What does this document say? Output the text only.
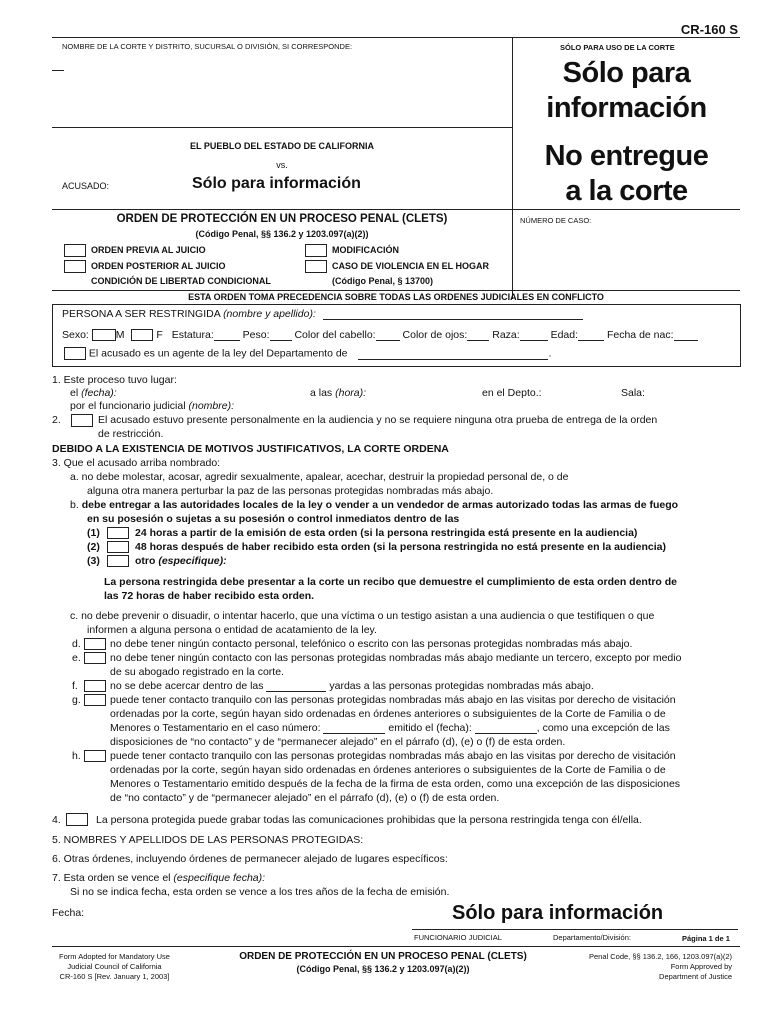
CR-160 S
NOMBRE DE LA CORTE Y DISTRITO, SUCURSAL O DIVISIÓN, SI CORRESPONDE:	SÓLO PARA USO DE LA CORTE
Sólo para
información
No entregue
a la corte
EL PUEBLO DEL ESTADO DE CALIFORNIA
vs.
ACUSADO:	Sólo para información
NÚMERO DE CASO:
ORDEN DE PROTECCIÓN EN UN PROCESO PENAL (CLETS)
(Código Penal, §§ 136.2 y 1203.097(a)(2))
ORDEN PREVIA AL JUICIO
ORDEN POSTERIOR AL JUICIO
CONDICIÓN DE LIBERTAD CONDICIONAL
MODIFICACIÓN
CASO DE VIOLENCIA EN EL HOGAR
(Código Penal, § 13700)
ESTA ORDEN TOMA PRECEDENCIA SOBRE TODAS LAS ORDENES JUDICIALES EN CONFLICTO
PERSONA A SER RESTRINGIDA (nombre y apellido):
Sexo:	M	F Estatura:	Peso: Color del cabello:	Color de ojos: Raza:	Edad:	Fecha de nac:
El acusado es un agente de la ley del Departamento de	.
1. Este proceso tuvo lugar:
el (fecha):	a las (hora):	en el Depto.:	Sala:
por el funcionario judicial (nombre):
2.	El acusado estuvo presente personalmente en la audiencia y no se requiere ninguna otra prueba de entrega de la orden
de restricción.
DEBIDO A LA EXISTENCIA DE MOTIVOS JUSTIFICATIVOS, LA CORTE ORDENA
3. Que el acusado arriba nombrado:
a. no debe molestar, acosar, agredir sexualmente, apalear, acechar, destruir la propiedad personal de, o de
alguna otra manera perturbar la paz de las personas protegidas nombradas más abajo.
b. debe entregar a las autoridades locales de la ley o vender a un vendedor de armas autorizado todas las armas de fuego
en su posesión o sujetas a su posesión o control inmediatos dentro de las
(1)	24 horas a partir de la emisión de esta orden (si la persona restringida está presente en la audiencia)
(2)	48 horas después de haber recibido esta orden (si la persona restringida no está presente en la audiencia)
(3)	otro (especifique):
La persona restringida debe presentar a la corte un recibo que demuestre el cumplimiento de esta orden dentro de
las 72 horas de haber recibido esta orden.
c. no debe prevenir o disuadir, o intentar hacerlo, que una víctima o un testigo asistan a una audiencia o que testifiquen o que
informen a alguna persona o entidad de acatamiento de la ley.
d.	no debe tener ningún contacto personal, telefónico o escrito con las personas protegidas nombradas más abajo.
e.	no debe tener ningún contacto con las personas protegidas nombradas más abajo mediante un tercero, excepto por medio
de su abogado registrado en la corte.
f.	no se debe acercar dentro de las	yardas a las personas protegidas nombradas más abajo.
g.	puede tener contacto tranquilo con las personas protegidas nombradas más abajo en las visitas por derecho de visitación
ordenadas por la corte, según hayan sido ordenadas en órdenes anteriores o subsiguientes de la Corte de Familia o de
Menores o Testamentario en el caso número:	emitido el (fecha):	, como una excepción de las
disposiciones de “no contacto” y de “permanecer alejado” en el párrafo (d), (e) o (f) de esta orden.
h.	puede tener contacto tranquilo con las personas protegidas nombradas más abajo en las visitas por derecho de visitación
ordenadas por la corte, según hayan sido ordenadas en órdenes anteriores o subsiguientes de la Corte de Familia o de
Menores o Testamentario emitido después de la fecha de la firma de esta orden, como una excepción de las disposiciones
de “no contacto” y de “permanecer alejado” en el párrafo (d), (e) o (f) de esta orden.
4.	La persona protegida puede grabar todas las comunicaciones prohibidas que la persona restringida tenga con él/ella.
5. NOMBRES Y APELLIDOS DE LAS PERSONAS PROTEGIDAS:
6. Otras órdenes, incluyendo órdenes de permanecer alejado de lugares específicos:
7. Esta orden se vence el (especifique fecha):
Si no se indica fecha, esta orden se vence a los tres años de la fecha de emisión.
Fecha:	Sólo para información
FUNCIONARIO JUDICIAL	Departamento/División:	Página 1 de 1
Form Adopted for Mandatory Use
Judicial Council of California
CR-160 S [Rev. January 1, 2003]
ORDEN DE PROTECCIÓN EN UN PROCESO PENAL (CLETS)
(Código Penal, §§ 136.2 y 1203.097(a)(2))
Penal Code, §§ 136.2, 166, 1203.097(a)(2)
Form Approved by
Department of Justice
